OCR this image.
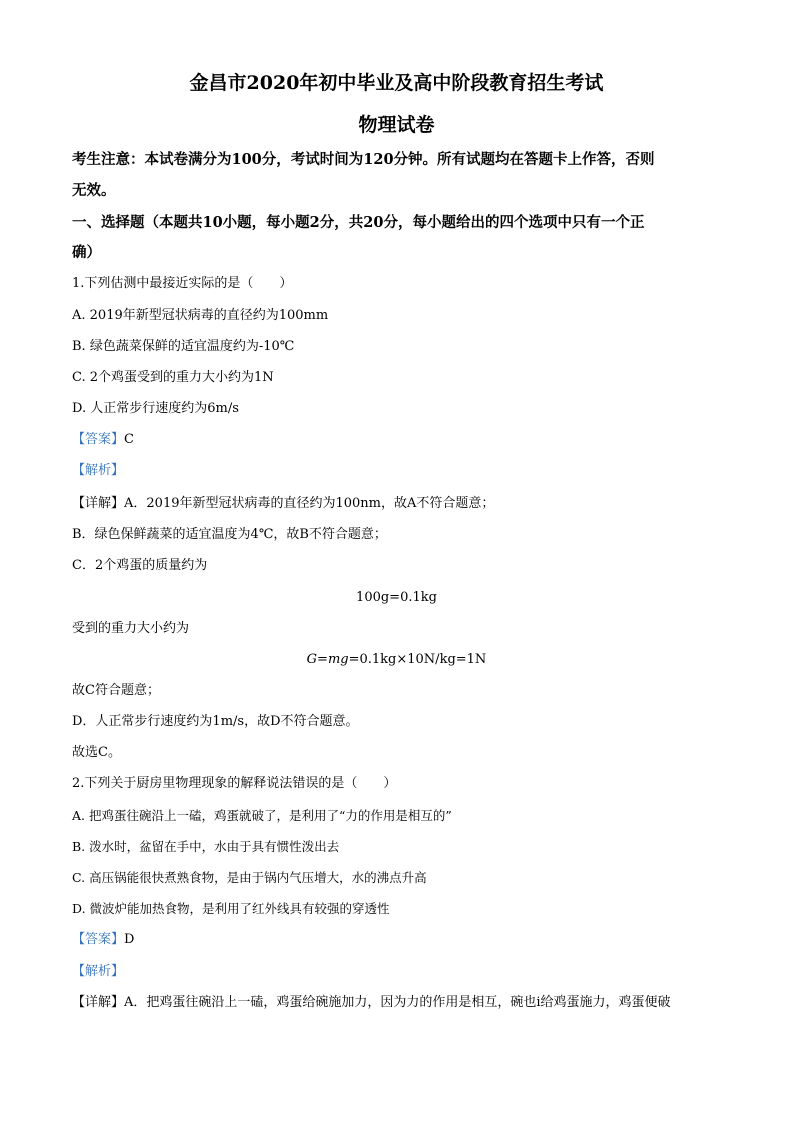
金昌市2020年初中毕业及高中阶段教育招生考试
物理试卷
考生注意：本试卷满分为100分，考试时间为120分钟。所有试题均在答题卡上作答，否则
无效。
一、选择题（本题共10小题，每小题2分，共20分，每小题给出的四个选项中只有一个正
确）
1.下列估测中最接近实际的是（　　）
A. 2019年新型冠状病毒的直径约为100mm
B. 绿色蔬菜保鲜的适宜温度约为-10℃
C. 2个鸡蛋受到的重力大小约为1N
D. 人正常步行速度约为6m/s
【答案】C
【解析】
【详解】A．2019年新型冠状病毒的直径约为100nm，故A不符合题意；
B．绿色保鲜蔬菜的适宜温度为4℃，故B不符合题意；
C．2个鸡蛋的质量约为
100g=0.1kg
受到的重力大小约为
G=mg=0.1kg×10N/kg=1N
故C符合题意；
D．人正常步行速度约为1m/s，故D不符合题意。
故选C。
2.下列关于厨房里物理现象的解释说法错误的是（　　）
A. 把鸡蛋往碗沿上一磕，鸡蛋就破了，是利用了“力的作用是相互的”
B. 泼水时，盆留在手中，水由于具有惯性泼出去
C. 高压锅能很快煮熟食物，是由于锅内气压增大，水的沸点升高
D. 微波炉能加热食物，是利用了红外线具有较强的穿透性
【答案】D
【解析】
【详解】A．把鸡蛋往碗沿上一磕，鸡蛋给碗施加力，因为力的作用是相互，碗也i给鸡蛋施力，鸡蛋便破
